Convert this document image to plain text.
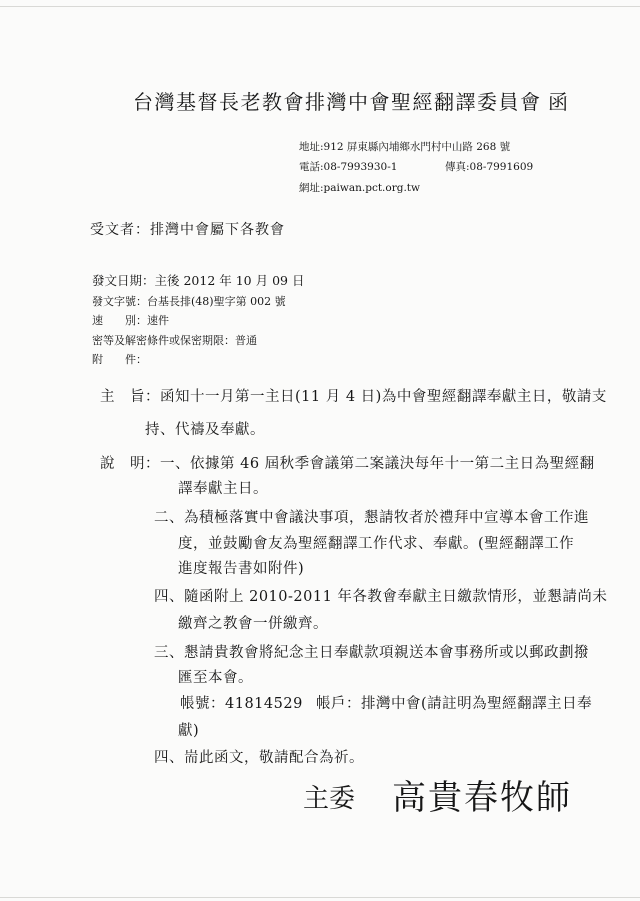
台灣基督長老教會排灣中會聖經翻譯委員會 函
地址:912 屏東縣內埔鄉水門村中山路 268 號
電話:08-7993930-1	傳真:08-7991609
網址:paiwan.pct.org.tw
受文者：排灣中會屬下各教會
發文日期：主後 2012 年 10 月 09 日
發文字號：台基長排(48)聖字第 002 號
速　　別：速件
密等及解密條件或保密期限：普通
附　　件：
主　旨：函知十一月第一主日(11 月 4 日)為中會聖經翻譯奉獻主日，敬請支
持、代禱及奉獻。
說　明：一、依據第 46 屆秋季會議第二案議決每年十一第二主日為聖經翻
譯奉獻主日。
二、為積極落實中會議決事項，懇請牧者於禮拜中宣導本會工作進
度，並鼓勵會友為聖經翻譯工作代求、奉獻。(聖經翻譯工作
進度報告書如附件)
四、隨函附上 2010-2011 年各教會奉獻主日繳款情形，並懇請尚未
繳齊之教會一併繳齊。
三、懇請貴教會將紀念主日奉獻款項親送本會事務所或以郵政劃撥
匯至本會。
帳號：41814529 帳戶：排灣中會(請註明為聖經翻譯主日奉
獻)
四、耑此函文，敬請配合為祈。
主委 高貴春牧師
